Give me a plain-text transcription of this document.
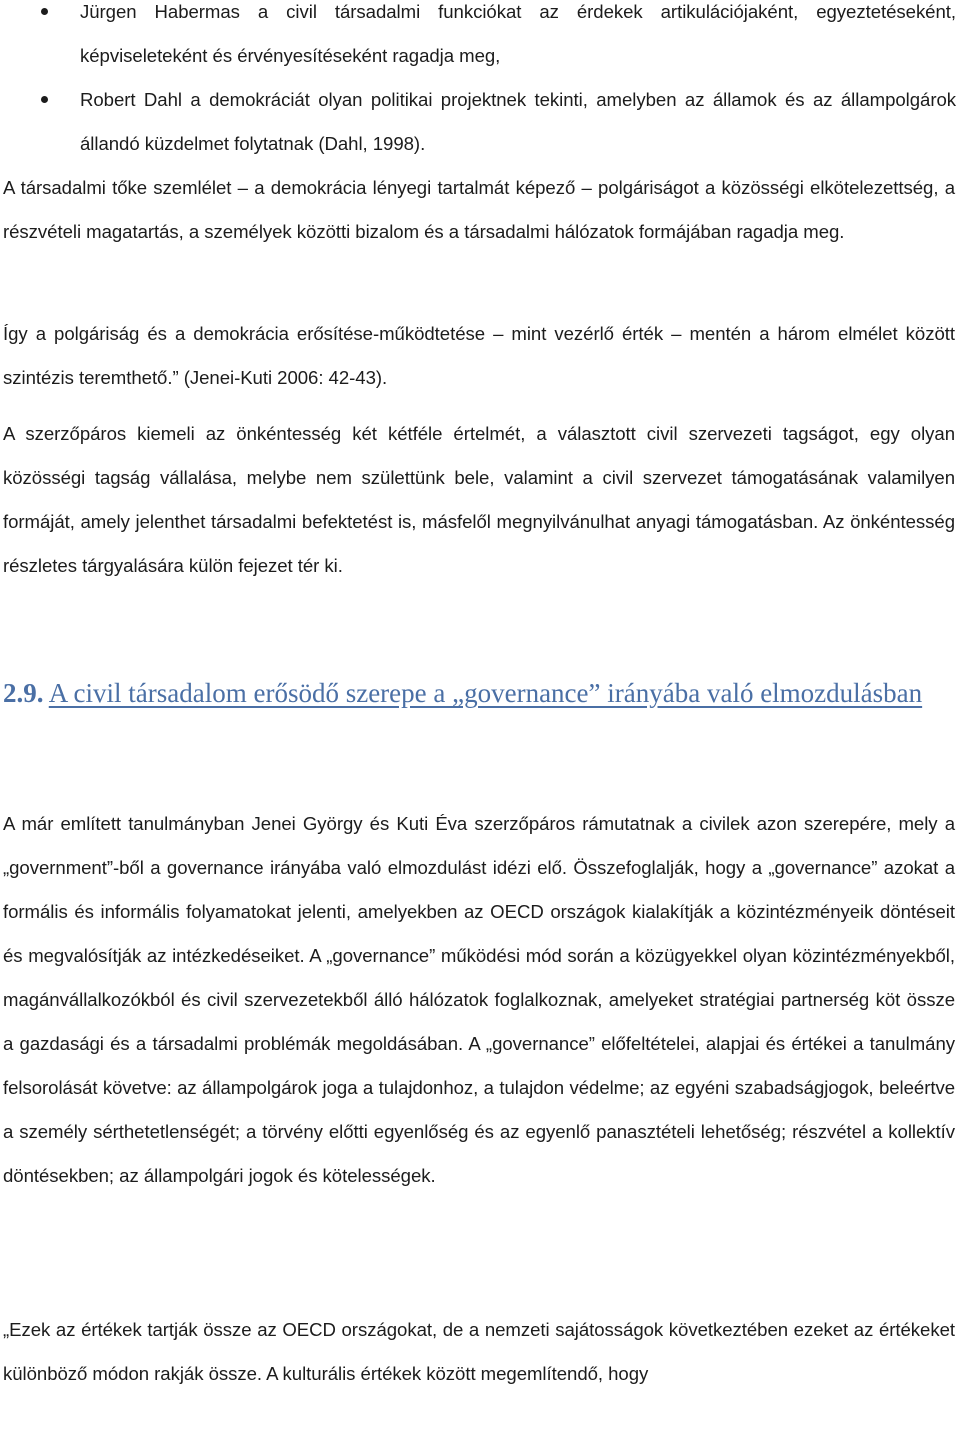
Jürgen Habermas a civil társadalmi funkciókat az érdekek artikulációjaként, egyeztetéseként, képviseleteként és érvényesítéseként ragadja meg,
Robert Dahl a demokráciát olyan politikai projektnek tekinti, amelyben az államok és az állampolgárok állandó küzdelmet folytatnak (Dahl, 1998).

A társadalmi tőke szemlélet – a demokrácia lényegi tartalmát képező – polgáriságot a közösségi elkötelezettség, a részvételi magatartás, a személyek közötti bizalom és a társadalmi hálózatok formájában ragadja meg.

Így a polgáriság és a demokrácia erősítése-működtetése – mint vezérlő érték – mentén a három elmélet között szintézis teremthető.” (Jenei-Kuti 2006: 42-43).

A szerzőpáros kiemeli az önkéntesség két kétféle értelmét, a választott civil szervezeti tagságot, egy olyan közösségi tagság vállalása, melybe nem születtünk bele, valamint a civil szervezet támogatásának valamilyen formáját, amely jelenthet társadalmi befektetést is, másfelől megnyilvánulhat anyagi támogatásban. Az önkéntesség részletes tárgyalására külön fejezet tér ki.

2.9. A civil társadalom erősödő szerepe a „governance” irányába való elmozdulásban

A már említett tanulmányban Jenei György és Kuti Éva szerzőpáros rámutatnak a civilek azon szerepére, mely a „government”-ből a governance irányába való elmozdulást idézi elő. Összefoglalják, hogy a „governance” azokat a formális és informális folyamatokat jelenti, amelyekben az OECD országok kialakítják a közintézményeik döntéseit és megvalósítják az intézkedéseiket. A „governance” működési mód során a közügyekkel olyan közintézményekből, magánvállalkozókból és civil szervezetekből álló hálózatok foglalkoznak, amelyeket stratégiai partnerség köt össze a gazdasági és a társadalmi problémák megoldásában. A „governance” előfeltételei, alapjai és értékei a tanulmány felsorolását követve: az állampolgárok joga a tulajdonhoz, a tulajdon védelme; az egyéni szabadságjogok, beleértve a személy sérthetetlenségét; a törvény előtti egyenlőség és az egyenlő panasztételi lehetőség; részvétel a kollektív döntésekben; az állampolgári jogok és kötelességek.

„Ezek az értékek tartják össze az OECD országokat, de a nemzeti sajátosságok következtében ezeket az értékeket különböző módon rakják össze. A kulturális értékek között megemlítendő, hogy
